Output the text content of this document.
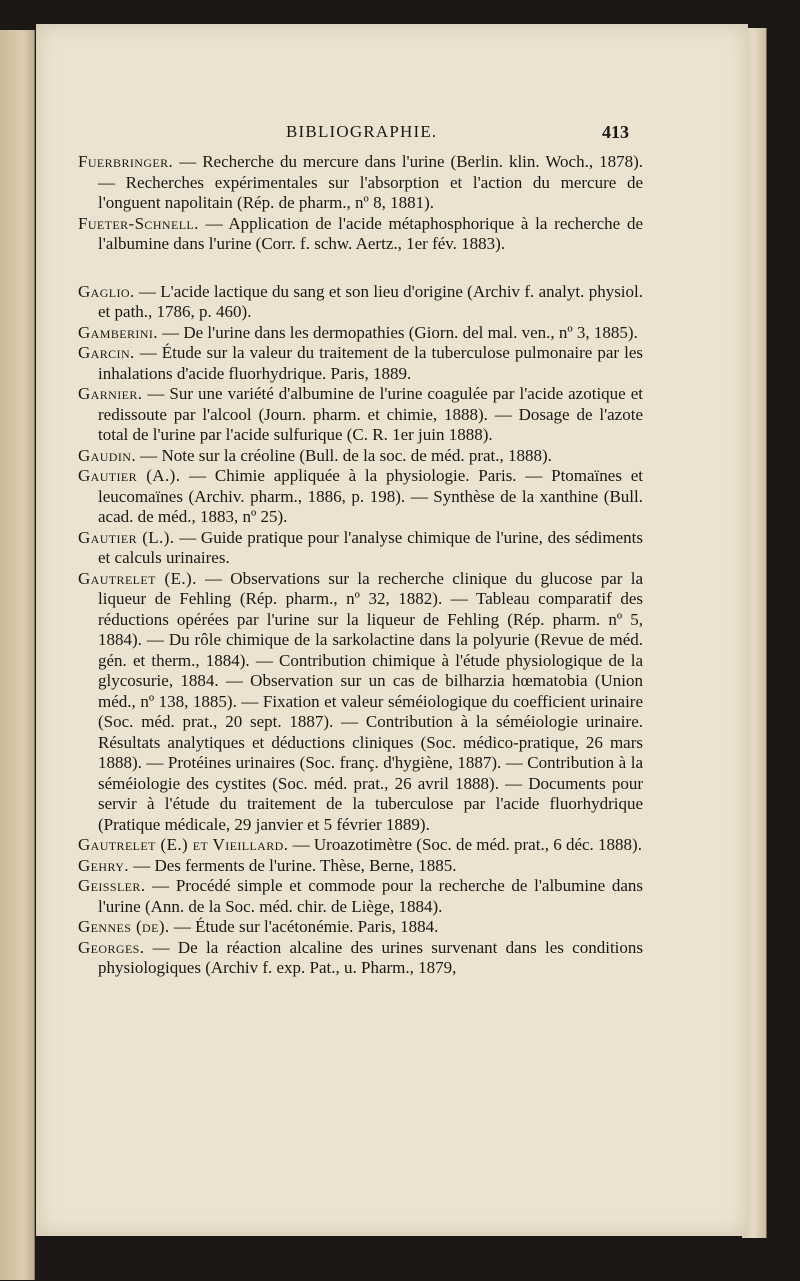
BIBLIOGRAPHIE.	413

Fuerbringer. — Recherche du mercure dans l'urine (Berlin. klin. Woch., 1878). — Recherches expérimentales sur l'absorption et l'action du mercure de l'onguent napolitain (Rép. de pharm., nº 8, 1881).

Fueter-Schnell. — Application de l'acide métaphosphorique à la recherche de l'albumine dans l'urine (Corr. f. schw. Aertz., 1er fév. 1883).

Gaglio. — L'acide lactique du sang et son lieu d'origine (Archiv f. analyt. physiol. et path., 1786, p. 460).

Gamberini. — De l'urine dans les dermopathies (Giorn. del mal. ven., nº 3, 1885).

Garcin. — Étude sur la valeur du traitement de la tuberculose pulmonaire par les inhalations d'acide fluorhydrique. Paris, 1889.

Garnier. — Sur une variété d'albumine de l'urine coagulée par l'acide azotique et redissoute par l'alcool (Journ. pharm. et chimie, 1888). — Dosage de l'azote total de l'urine par l'acide sulfurique (C. R. 1er juin 1888).

Gaudin. — Note sur la créoline (Bull. de la soc. de méd. prat., 1888).

Gautier (A.). — Chimie appliquée à la physiologie. Paris. — Ptomaïnes et leucomaïnes (Archiv. pharm., 1886, p. 198). — Synthèse de la xanthine (Bull. acad. de méd., 1883, nº 25).

Gautier (L.). — Guide pratique pour l'analyse chimique de l'urine, des sédiments et calculs urinaires.

Gautrelet (E.). — Observations sur la recherche clinique du glucose par la liqueur de Fehling (Rép. pharm., nº 32, 1882). — Tableau comparatif des réductions opérées par l'urine sur la liqueur de Fehling (Rép. pharm. nº 5, 1884). — Du rôle chimique de la sarkolactine dans la polyurie (Revue de méd. gén. et therm., 1884). — Contribution chimique à l'étude physiologique de la glycosurie, 1884. — Observation sur un cas de bilharzia hœmatobia (Union méd., nº 138, 1885). — Fixation et valeur séméiologique du coefficient urinaire (Soc. méd. prat., 20 sept. 1887). — Contribution à la séméiologie urinaire. Résultats analytiques et déductions cliniques (Soc. médico-pratique, 26 mars 1888). — Protéines urinaires (Soc. franç. d'hygiène, 1887). — Contribution à la séméiologie des cystites (Soc. méd. prat., 26 avril 1888). — Documents pour servir à l'étude du traitement de la tuberculose par l'acide fluorhydrique (Pratique médicale, 29 janvier et 5 février 1889).

Gautrelet (E.) et Vieillard. — Uroazotimètre (Soc. de méd. prat., 6 déc. 1888).

Gehry. — Des ferments de l'urine. Thèse, Berne, 1885.

Geissler. — Procédé simple et commode pour la recherche de l'albumine dans l'urine (Ann. de la Soc. méd. chir. de Liège, 1884).

Gennes (de). — Étude sur l'acétonémie. Paris, 1884.

Georges. — De la réaction alcaline des urines survenant dans les conditions physiologiques (Archiv f. exp. Pat., u. Pharm., 1879,
